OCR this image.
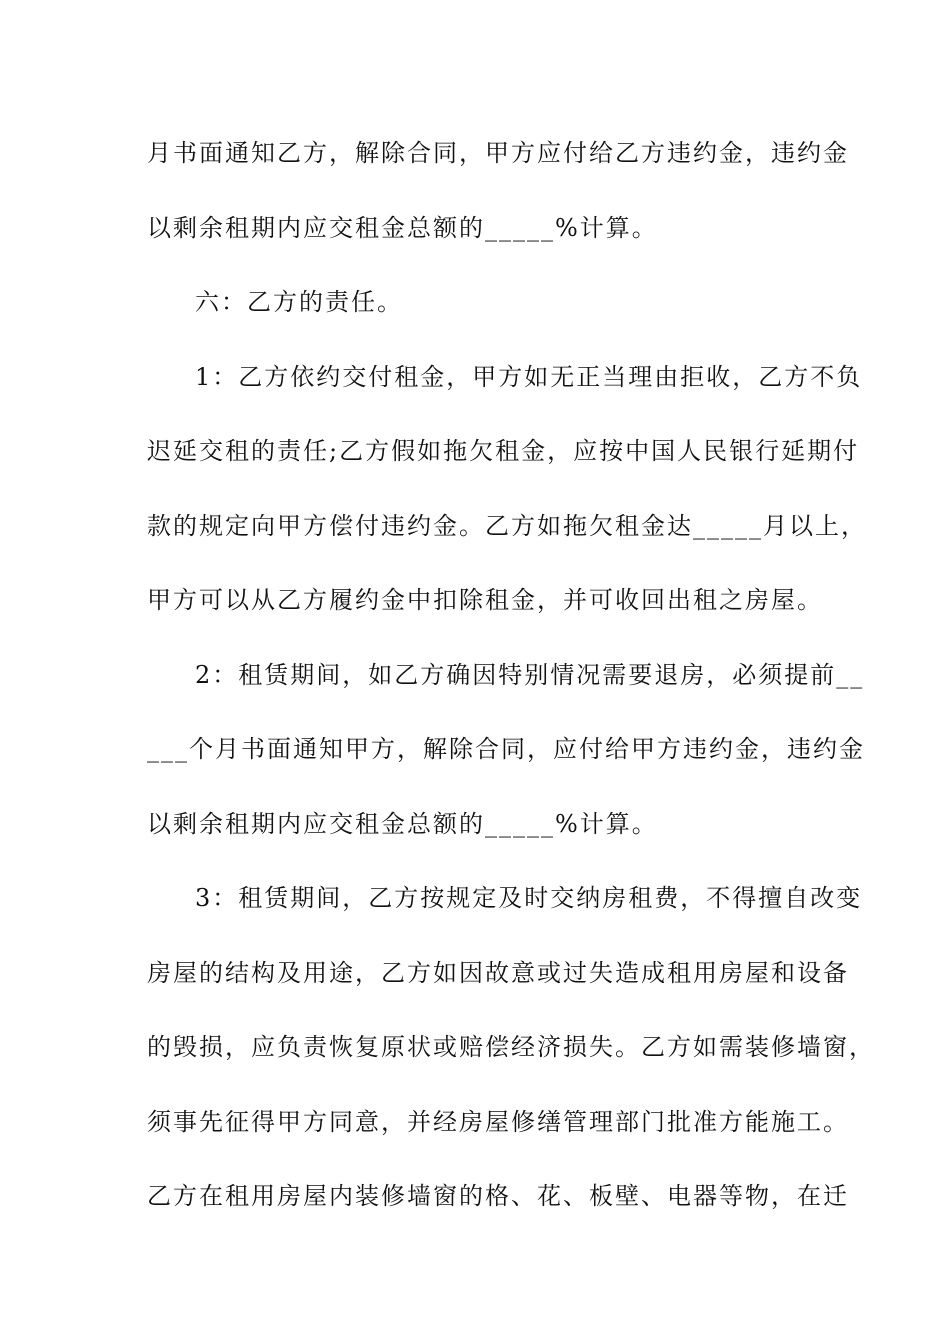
月书面通知乙方，解除合同，甲方应付给乙方违约金，违约金
以剩余租期内应交租金总额的_____%计算。
六：乙方的责任。
1：乙方依约交付租金，甲方如无正当理由拒收，乙方不负
迟延交租的责任;乙方假如拖欠租金，应按中国人民银行延期付
款的规定向甲方偿付违约金。乙方如拖欠租金达_____月以上，
甲方可以从乙方履约金中扣除租金，并可收回出租之房屋。
2：租赁期间，如乙方确因特别情况需要退房，必须提前__
___个月书面通知甲方，解除合同，应付给甲方违约金，违约金
以剩余租期内应交租金总额的_____%计算。
3：租赁期间，乙方按规定及时交纳房租费，不得擅自改变
房屋的结构及用途，乙方如因故意或过失造成租用房屋和设备
的毁损，应负责恢复原状或赔偿经济损失。乙方如需装修墙窗，
须事先征得甲方同意，并经房屋修缮管理部门批准方能施工。
乙方在租用房屋内装修墙窗的格、花、板壁、电器等物，在迁
